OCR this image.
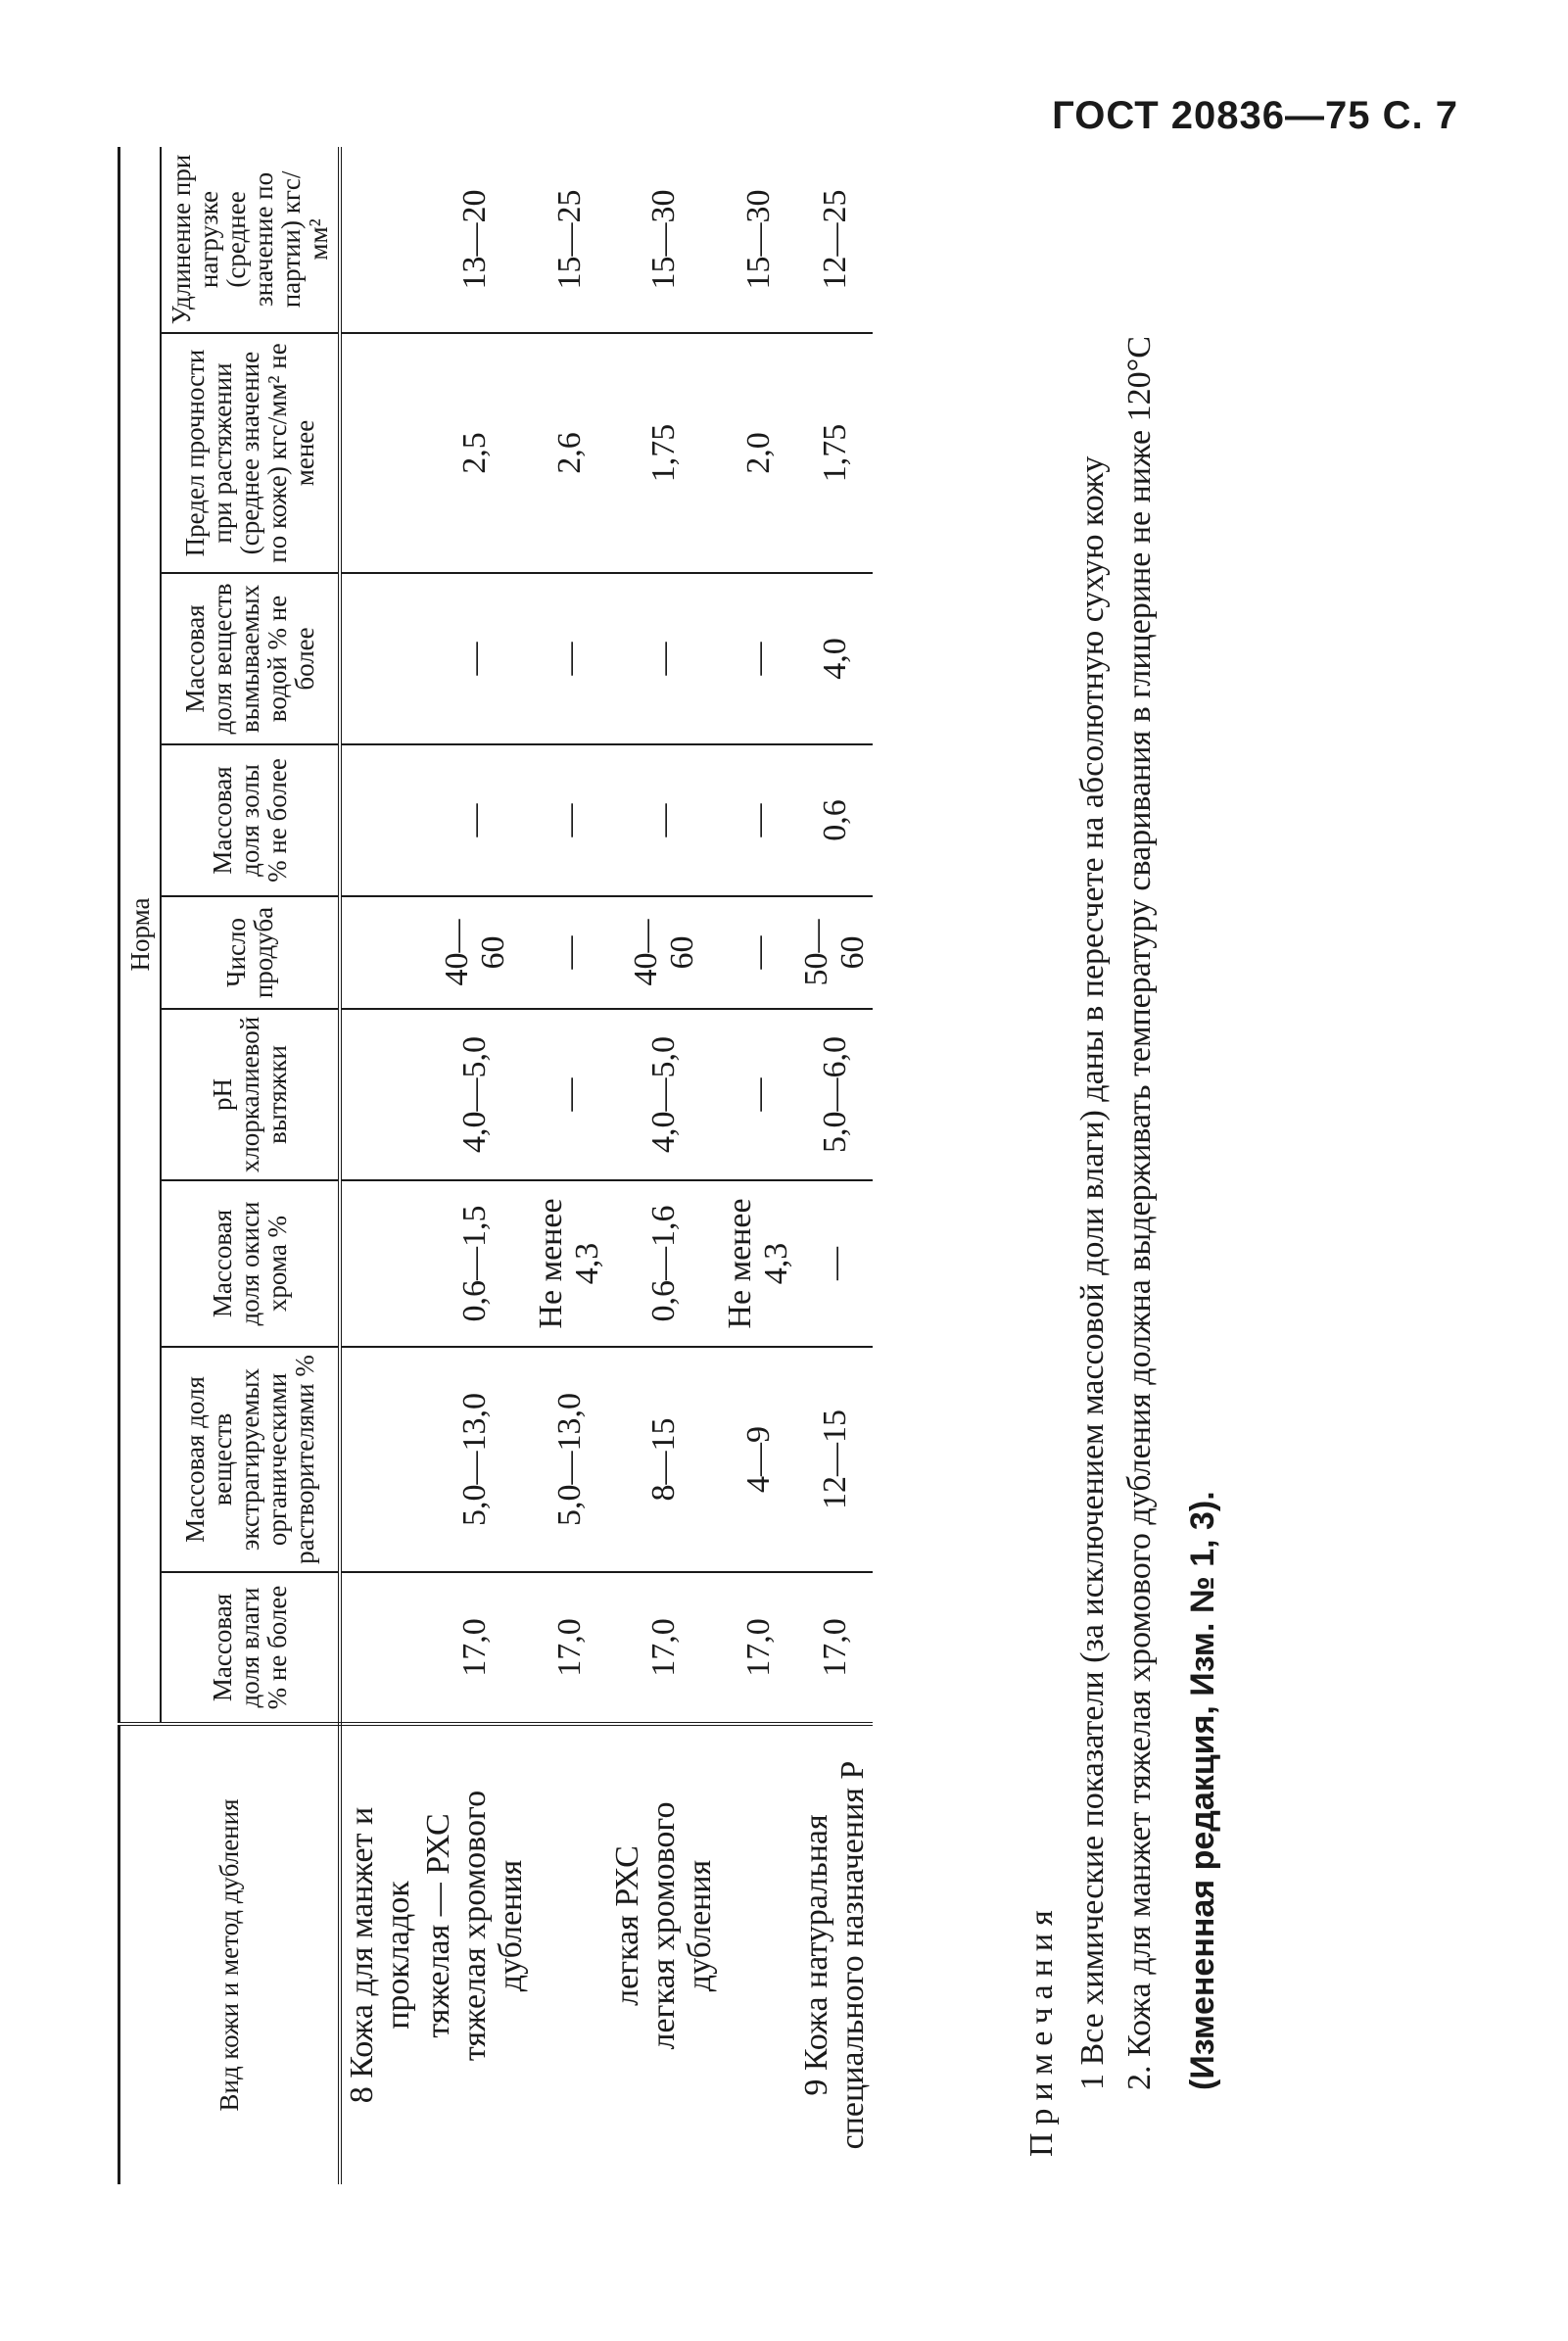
ГОСТ 20836—75 С. 7
Вид кожи и метод дубления	Норма								
	Массовая доля влаги % не более	Массовая доля веществ экстрагируемых органическими растворителями %	Массовая доля окиси хрома %	pH хлоркалиевой вытяжки	Число продуба	Массовая доля золы % не более	Массовая доля веществ вымываемых водой % не более	Предел прочности при растяжении (среднее значение по коже) кгс/мм² не менее	Удлинение при нагрузке (среднее значение по партии) кгс/мм²
8 Кожа для манжет и прокладок									
тяжелая — РХС
тяжелая хромового
дубления	17,0	5,0—13,0	0,6—1,5	4,0—5,0	40—60	—	—	2,5	13—20
	17,0	5,0—13,0	Не менее 4,3	—	—	—	—	2,6	15—25
легкая РХС
легкая хромового
дубления	17,0	8—15	0,6—1,6	4,0—5,0	40—60	—	—	1,75	15—30
	17,0	4—9	Не менее 4,3	—	—	—	—	2,0	15—30
9 Кожа натуральная специального назначения Р	17,0	12—15	—	5,0—6,0	50—60	0,6	4,0	1,75	12—25
Примечания 1 Все химические показатели (за исключением массовой доли влаги) даны в пересчете на абсолютную сухую кожу 2. Кожа для манжет тяжелая хромового дубления должна выдерживать температуру сваривания в глицерине не ниже 120°С (Измененная редакция, Изм. № 1, 3).
